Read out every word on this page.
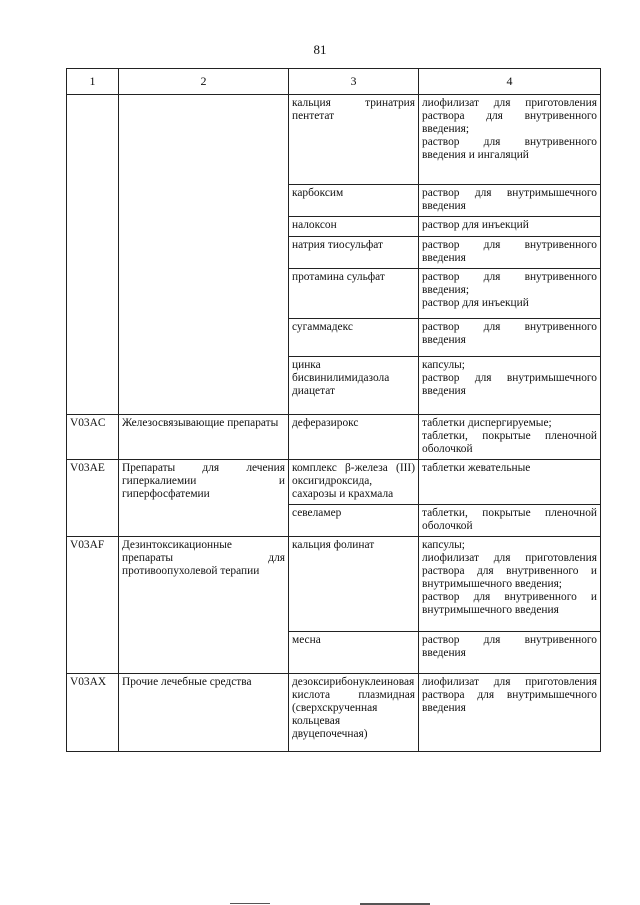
81
1	2	3	4
		кальция тринатрия пентетат	лиофилизат для приготовления раствора для внутривенного введения;
раствор для внутривенного введения и ингаляций
		карбоксим	раствор для внутримышечного введения
		налоксон	раствор для инъекций
		натрия тиосульфат	раствор для внутривенного введения
		протамина сульфат	раствор для внутривенного введения;
раствор для инъекций
		сугаммадекс	раствор для внутривенного введения
		цинка бисвинилимидазола диацетат	капсулы;
раствор для внутримышечного введения
V03AC	Железосвязывающие препараты	деферазирокс	таблетки диспергируемые;
таблетки, покрытые пленочной оболочкой
V03AE	Препараты для лечения гиперкалиемии и гиперфосфатемии	комплекс β-железа (III) оксигидроксида, сахарозы и крахмала	таблетки жевательные
		севеламер	таблетки, покрытые пленочной оболочкой
V03AF	Дезинтоксикационные препараты для противоопухолевой терапии	кальция фолинат	капсулы;
лиофилизат для приготовления раствора для внутривенного и внутримышечного введения;
раствор для внутривенного и внутримышечного введения
		месна	раствор для внутривенного введения
V03AX	Прочие лечебные средства	дезоксирибонуклеиновая кислота плазмидная (сверхскрученная кольцевая двуцепочечная)	лиофилизат для приготовления раствора для внутримышечного введения
